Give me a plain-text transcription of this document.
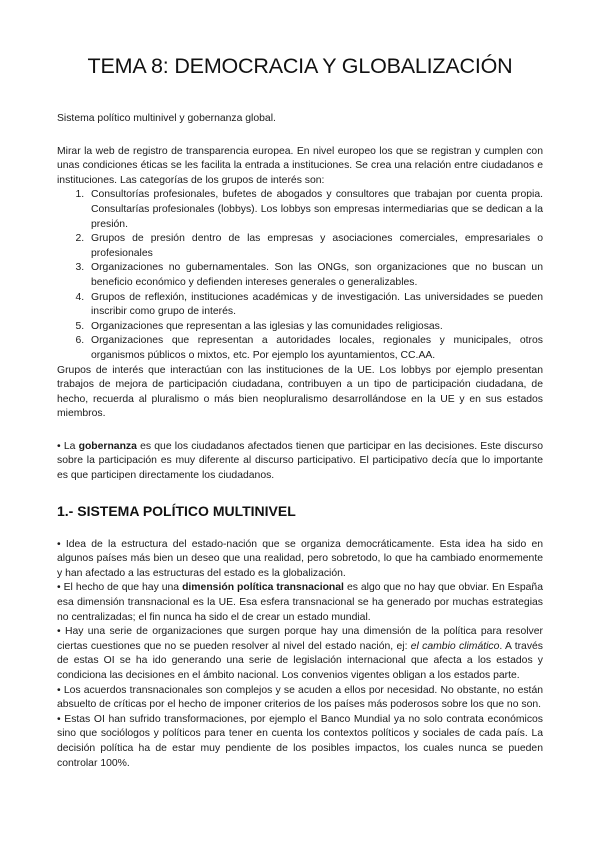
TEMA 8: DEMOCRACIA Y GLOBALIZACIÓN

Sistema político multinivel y gobernanza global.

Mirar la web de registro de transparencia europea. En nivel europeo los que se registran y cumplen con unas condiciones éticas se les facilita la entrada a instituciones. Se crea una relación entre ciudadanos e instituciones. Las categorías de los grupos de interés son:

1. Consultorías profesionales, bufetes de abogados y consultores que trabajan por cuenta propia. Consultarías profesionales (lobbys). Los lobbys son empresas intermediarias que se dedican a la presión.
2. Grupos de presión dentro de las empresas y asociaciones comerciales, empresariales o profesionales
3. Organizaciones no gubernamentales. Son las ONGs, son organizaciones que no buscan un beneficio económico y defienden intereses generales o generalizables.
4. Grupos de reflexión, instituciones académicas y de investigación. Las universidades se pueden inscribir como grupo de interés.
5. Organizaciones que representan a las iglesias y las comunidades religiosas.
6. Organizaciones que representan a autoridades locales, regionales y municipales, otros organismos públicos o mixtos, etc. Por ejemplo los ayuntamientos, CC.AA.

Grupos de interés que interactúan con las instituciones de la UE. Los lobbys por ejemplo presentan trabajos de mejora de participación ciudadana, contribuyen a un tipo de participación ciudadana, de hecho, recuerda al pluralismo o más bien neopluralismo desarrollándose en la UE y en sus estados miembros.

• La gobernanza es que los ciudadanos afectados tienen que participar en las decisiones. Este discurso sobre la participación es muy diferente al discurso participativo. El participativo decía que lo importante es que participen directamente los ciudadanos.

1.- SISTEMA POLÍTICO MULTINIVEL

• Idea de la estructura del estado-nación que se organiza democráticamente. Esta idea ha sido en algunos países más bien un deseo que una realidad, pero sobretodo, lo que ha cambiado enormemente y han afectado a las estructuras del estado es la globalización.

• El hecho de que hay una dimensión política transnacional es algo que no hay que obviar. En España esa dimensión transnacional es la UE. Esa esfera transnacional se ha generado por muchas estrategias no centralizadas; el fin nunca ha sido el de crear un estado mundial.

• Hay una serie de organizaciones que surgen porque hay una dimensión de la política para resolver ciertas cuestiones que no se pueden resolver al nivel del estado nación, ej: el cambio climático. A través de estas OI se ha ido generando una serie de legislación internacional que afecta a los estados y condiciona las decisiones en el ámbito nacional. Los convenios vigentes obligan a los estados parte.

• Los acuerdos transnacionales son complejos y se acuden a ellos por necesidad. No obstante, no están absuelto de críticas por el hecho de imponer criterios de los países más poderosos sobre los que no son.

• Estas OI han sufrido transformaciones, por ejemplo el Banco Mundial ya no solo contrata económicos sino que sociólogos y políticos para tener en cuenta los contextos políticos y sociales de cada país. La decisión política ha de estar muy pendiente de los posibles impactos, los cuales nunca se pueden controlar 100%.
